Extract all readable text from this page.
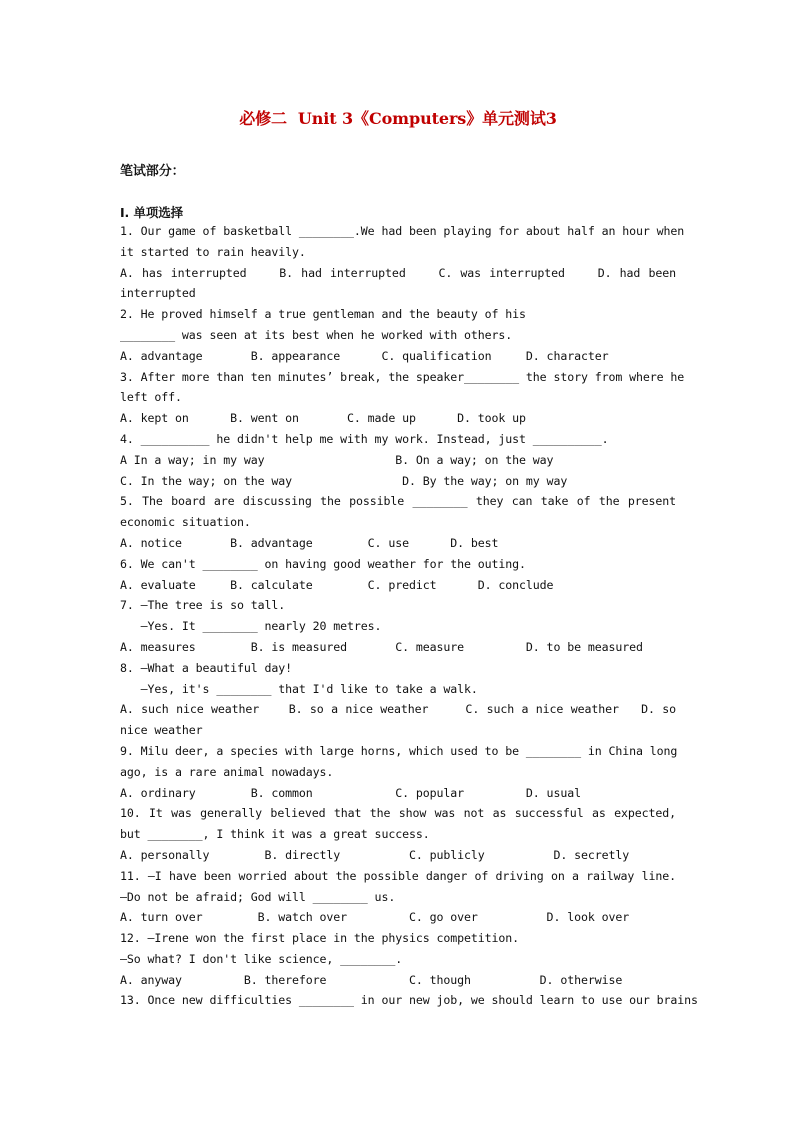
必修二  Unit 3《Computers》单元测试3
笔试部分：
I. 单项选择
1. Our game of basketball ________.We had been playing for about half an hour when
it started to rain heavily.
A. has interrupted    B. had interrupted    C. was interrupted    D. had been
interrupted
2. He proved himself a true gentleman and the beauty of his
________ was seen at its best when he worked with others.
A. advantage       B. appearance      C. qualification     D. character
3. After more than ten minutes’ break, the speaker________ the story from where he
left off.
A. kept on      B. went on       C. made up      D. took up
4. __________ he didn't help me with my work. Instead, just __________.
A In a way; in my way                   B. On a way; on the way
C. In the way; on the way                D. By the way; on my way
5. The board are discussing the possible ________ they can take of the present
economic situation.
A. notice       B. advantage        C. use      D. best
6. We can't ________ on having good weather for the outing.
A. evaluate     B. calculate        C. predict      D. conclude
7. —The tree is so tall.
—Yes. It ________ nearly 20 metres.
A. measures        B. is measured       C. measure         D. to be measured
8. —What a beautiful day!
—Yes, it's ________ that I'd like to take a walk.
A. such nice weather    B. so a nice weather     C. such a nice weather   D. so
nice weather
9. Milu deer, a species with large horns, which used to be ________ in China long
ago, is a rare animal nowadays.
A. ordinary        B. common            C. popular         D. usual
10. It was generally believed that the show was not as successful as expected,
but ________, I think it was a great success.
A. personally        B. directly          C. publicly          D. secretly
11. —I have been worried about the possible danger of driving on a railway line.
—Do not be afraid; God will ________ us.
A. turn over        B. watch over         C. go over          D. look over
12. —Irene won the first place in the physics competition.
—So what? I don't like science, ________.
A. anyway         B. therefore            C. though          D. otherwise
13. Once new difficulties ________ in our new job, we should learn to use our brains
